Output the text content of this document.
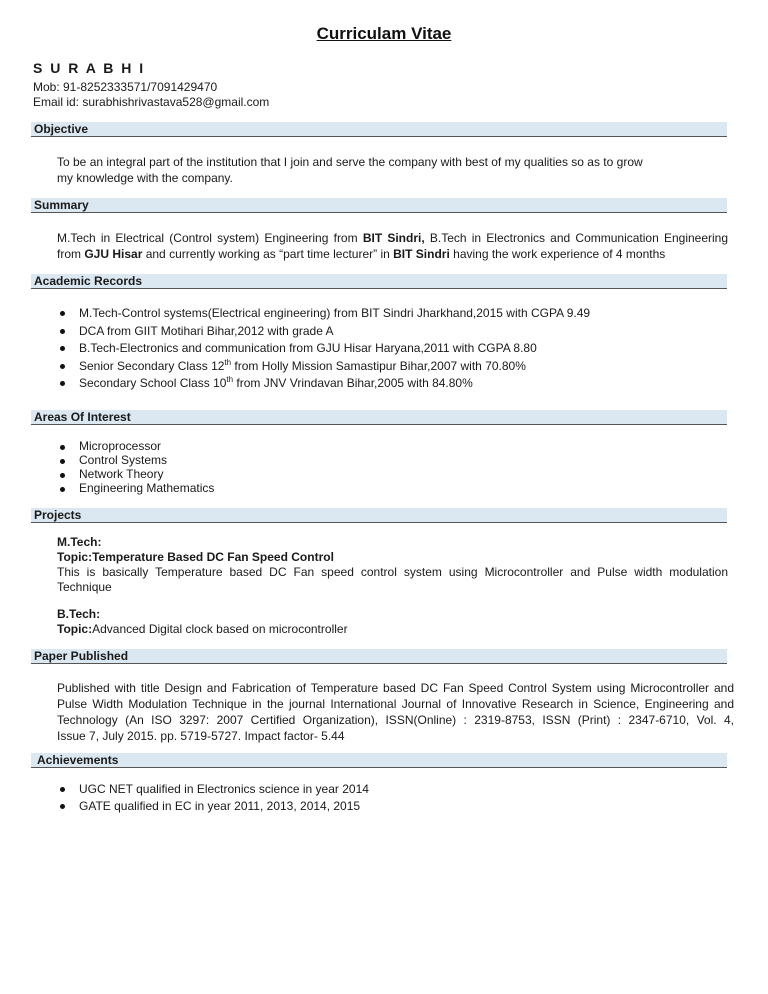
Curriculam Vitae
S U R A B H I
Mob: 91-8252333571/7091429470
Email id: surabhishrivastava528@gmail.com
Objective
To be an integral part of the institution that I join and serve the company with best of my qualities so as to grow
my knowledge with the company.
Summary
M.Tech in Electrical (Control system) Engineering from BIT Sindri, B.Tech in Electronics and Communication Engineering
from GJU Hisar and currently working as “part time lecturer” in BIT Sindri having the work experience of 4 months
Academic Records
M.Tech-Control systems(Electrical engineering) from BIT Sindri Jharkhand,2015 with CGPA 9.49
DCA from GIIT Motihari Bihar,2012 with grade A
B.Tech-Electronics and communication from GJU Hisar Haryana,2011 with CGPA 8.80
Senior Secondary Class 12th from Holly Mission Samastipur Bihar,2007 with 70.80%
Secondary School Class 10th from JNV Vrindavan Bihar,2005 with 84.80%
Areas Of Interest
Microprocessor
Control Systems
Network Theory
Engineering Mathematics
Projects
M.Tech:
Topic:Temperature Based DC Fan Speed Control
This is basically Temperature based DC Fan speed control system using Microcontroller and Pulse width modulation
Technique
B.Tech:
Topic:Advanced Digital clock based on microcontroller
Paper Published
Published with title Design and Fabrication of Temperature based DC Fan Speed Control System using Microcontroller and
Pulse Width Modulation Technique in the journal International Journal of Innovative Research in Science, Engineering and
Technology (An ISO 3297: 2007 Certified Organization), ISSN(Online) : 2319-8753, ISSN (Print) : 2347-6710, Vol. 4,
Issue 7, July 2015. pp. 5719-5727. Impact factor- 5.44
Achievements
UGC NET qualified in Electronics science in year 2014
GATE qualified in EC in year 2011, 2013, 2014, 2015
